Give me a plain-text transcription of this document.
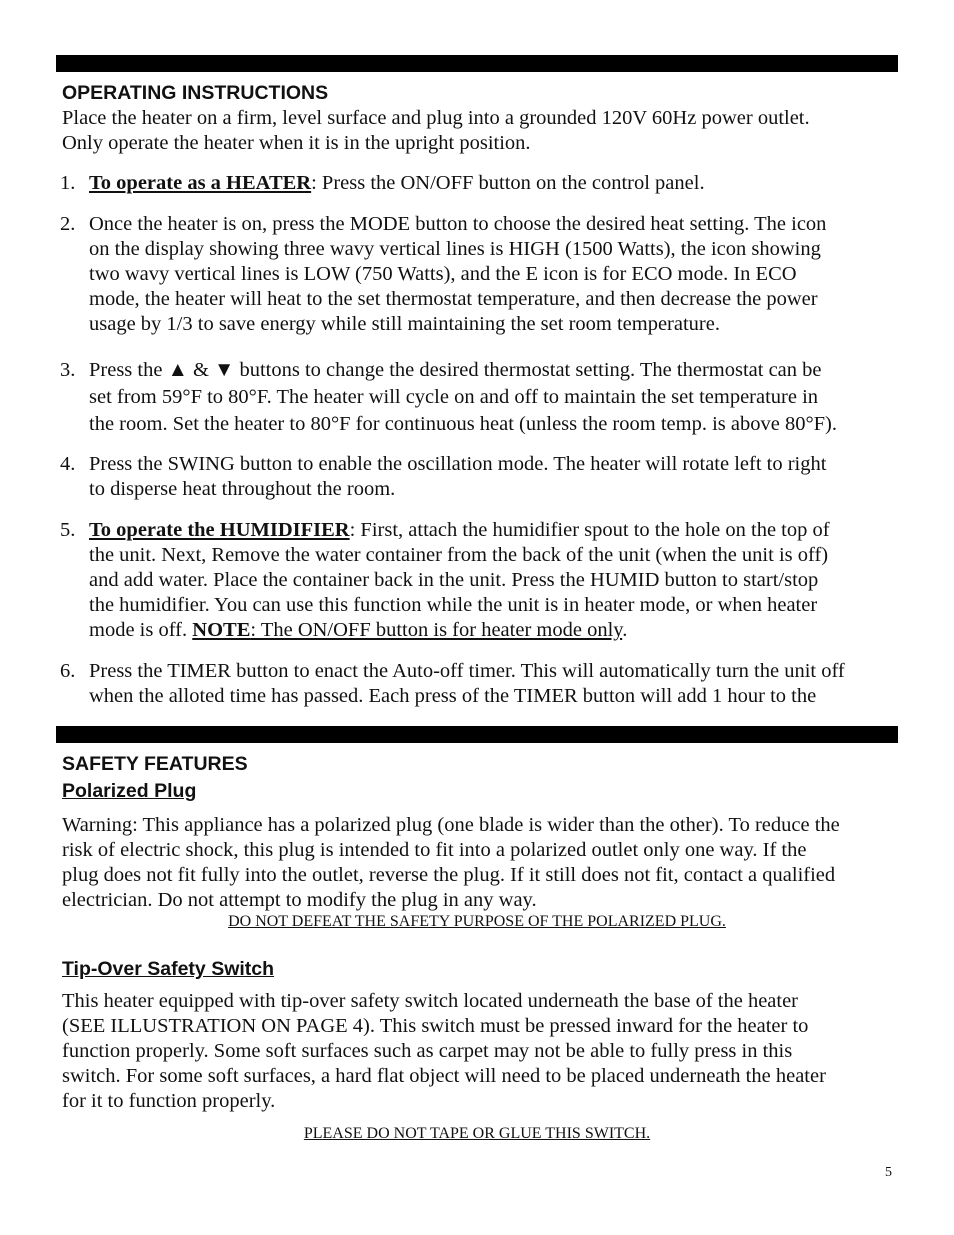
OPERATING INSTRUCTIONS
Place the heater on a firm, level surface and plug into a grounded 120V 60Hz power outlet.
Only operate the heater when it is in the upright position.
1. To operate as a HEATER: Press the ON/OFF button on the control panel.
2. Once the heater is on, press the MODE button to choose the desired heat setting. The icon
on the display showing three wavy vertical lines is HIGH (1500 Watts), the icon showing
two wavy vertical lines is LOW (750 Watts), and the E icon is for ECO mode. In ECO
mode, the heater will heat to the set thermostat temperature, and then decrease the power
usage by 1/3 to save energy while still maintaining the set room temperature.
3. Press the ▲ & ▼ buttons to change the desired thermostat setting. The thermostat can be
set from 59°F to 80°F. The heater will cycle on and off to maintain the set temperature in
the room. Set the heater to 80°F for continuous heat (unless the room temp. is above 80°F).
4. Press the SWING button to enable the oscillation mode. The heater will rotate left to right
to disperse heat throughout the room.
5. To operate the HUMIDIFIER: First, attach the humidifier spout to the hole on the top of
the unit. Next, Remove the water container from the back of the unit (when the unit is off)
and add water. Place the container back in the unit. Press the HUMID button to start/stop
the humidifier. You can use this function while the unit is in heater mode, or when heater
mode is off. NOTE: The ON/OFF button is for heater mode only.
6. Press the TIMER button to enact the Auto-off timer. This will automatically turn the unit off
when the alloted time has passed. Each press of the TIMER button will add 1 hour to the
SAFETY FEATURES
Polarized Plug
Warning: This appliance has a polarized plug (one blade is wider than the other). To reduce the
risk of electric shock, this plug is intended to fit into a polarized outlet only one way. If the
plug does not fit fully into the outlet, reverse the plug. If it still does not fit, contact a qualified
electrician. Do not attempt to modify the plug in any way.
DO NOT DEFEAT THE SAFETY PURPOSE OF THE POLARIZED PLUG.
Tip-Over Safety Switch
This heater equipped with tip-over safety switch located underneath the base of the heater
(SEE ILLUSTRATION ON PAGE 4). This switch must be pressed inward for the heater to
function properly. Some soft surfaces such as carpet may not be able to fully press in this
switch. For some soft surfaces, a hard flat object will need to be placed underneath the heater
for it to function properly.
PLEASE DO NOT TAPE OR GLUE THIS SWITCH.
5
